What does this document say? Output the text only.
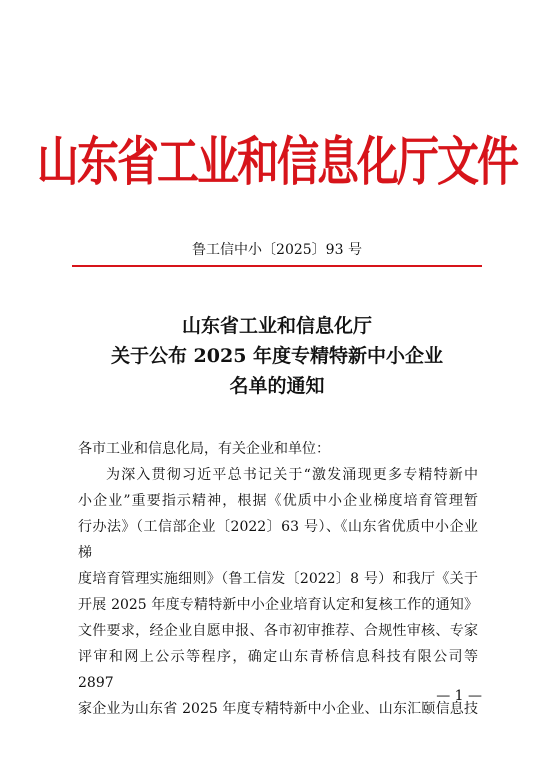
山东省工业和信息化厅文件
鲁工信中小〔2025〕93 号
山东省工业和信息化厅
关于公布 2025 年度专精特新中小企业
名单的通知

各市工业和信息化局，有关企业和单位：

为深入贯彻习近平总书记关于“激发涌现更多专精特新中

小企业”重要指示精神，根据《优质中小企业梯度培育管理暂

行办法》（工信部企业〔2022〕63 号）、《山东省优质中小企业梯

度培育管理实施细则》（鲁工信发〔2022〕8 号）和我厅《关于

开展 2025 年度专精特新中小企业培育认定和复核工作的通知》

文件要求，经企业自愿申报、各市初审推荐、合规性审核、专家

评审和网上公示等程序，确定山东青桥信息科技有限公司等 2897

家企业为山东省 2025 年度专精特新中小企业、山东汇颐信息技

— 1 —
